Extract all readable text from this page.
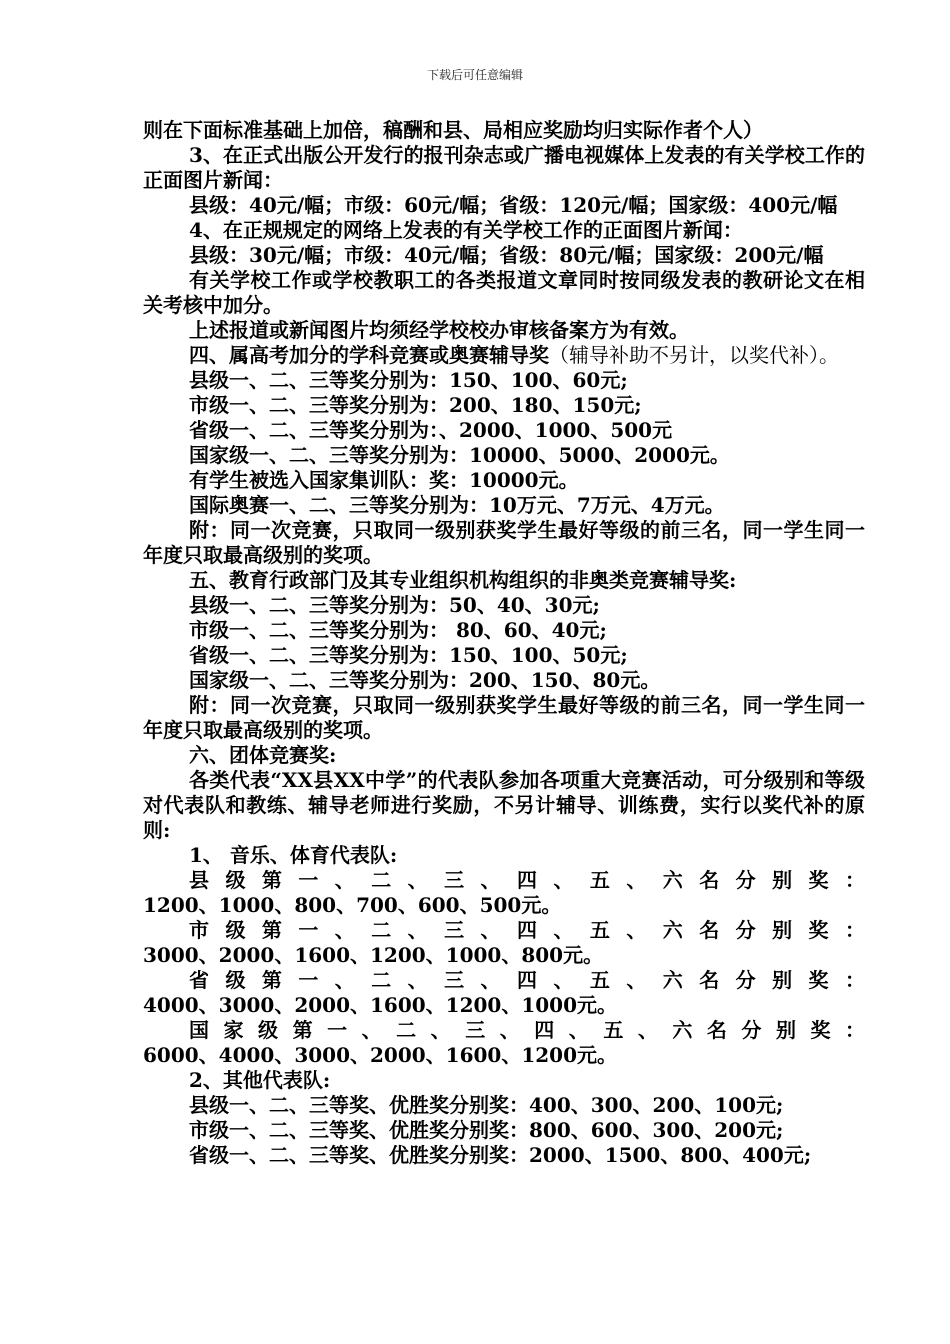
下载后可任意编辑

则在下面标准基础上加倍，稿酬和县、局相应奖励均归实际作者个人）

3、在正式出版公开发行的报刊杂志或广播电视媒体上发表的有关学校工作的正面图片新闻：

县级：40元/幅；市级：60元/幅；省级：120元/幅；国家级：400元/幅

4、在正规规定的网络上发表的有关学校工作的正面图片新闻：

县级：30元/幅；市级：40元/幅；省级：80元/幅；国家级：200元/幅

有关学校工作或学校教职工的各类报道文章同时按同级发表的教研论文在相关考核中加分。

上述报道或新闻图片均须经学校校办审核备案方为有效。

四、属高考加分的学科竞赛或奥赛辅导奖（辅导补助不另计，以奖代补）。

县级一、二、三等奖分别为：150、100、60元;

市级一、二、三等奖分别为：200、180、150元;

省级一、二、三等奖分别为：、2000、1000、500元

国家级一、二、三等奖分别为：10000、5000、2000元。

有学生被选入国家集训队：奖：10000元。

国际奥赛一、二、三等奖分别为：10万元、7万元、4万元。

附：同一次竞赛，只取同一级别获奖学生最好等级的前三名，同一学生同一年度只取最高级别的奖项。

五、教育行政部门及其专业组织机构组织的非奥类竞赛辅导奖:

县级一、二、三等奖分别为：50、40、30元;

市级一、二、三等奖分别为： 80、60、40元;

省级一、二、三等奖分别为：150、100、50元;

国家级一、二、三等奖分别为：200、150、80元。

附：同一次竞赛，只取同一级别获奖学生最好等级的前三名，同一学生同一年度只取最高级别的奖项。

六、团体竞赛奖:

各类代表“XX县XX中学”的代表队参加各项重大竞赛活动，可分级别和等级对代表队和教练、辅导老师进行奖励，不另计辅导、训练费，实行以奖代补的原则:

1、 音乐、体育代表队:

县级第一、二、三、四、五、六名分别奖：

1200、1000、800、700、600、500元。

市级第一、二、三、四、五、六名分别奖：

3000、2000、1600、1200、1000、800元。

省级第一、二、三、四、五、六名分别奖：

4000、3000、2000、1600、1200、1000元。

国家级第一、二、三、四、五、六名分别奖：

6000、4000、3000、2000、1600、1200元。

2、其他代表队:

县级一、二、三等奖、优胜奖分别奖：400、300、200、100元;

市级一、二、三等奖、优胜奖分别奖：800、600、300、200元;

省级一、二、三等奖、优胜奖分别奖：2000、1500、800、400元;
